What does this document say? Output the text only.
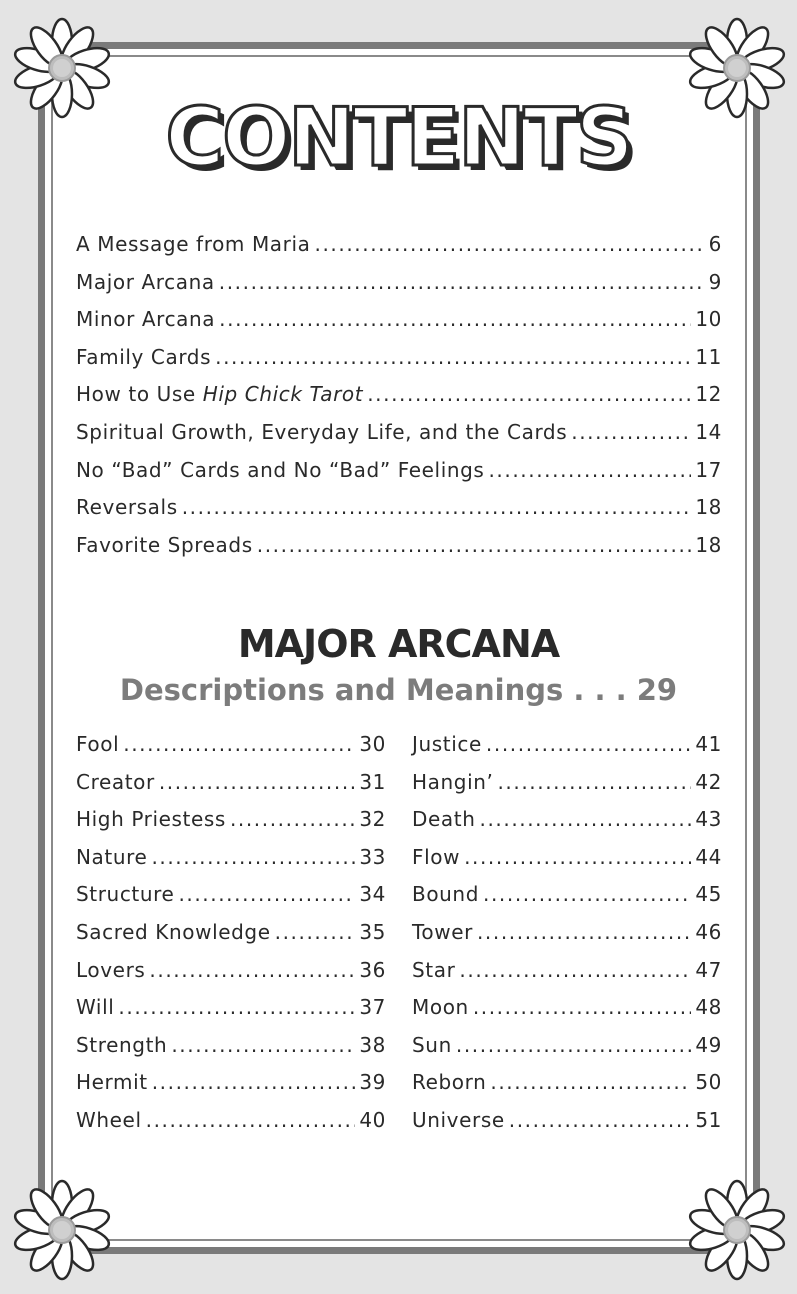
CONTENTS
A Message from Maria .....	6
Major Arcana .....	9
Minor Arcana .....	10
Family Cards .....	11
How to Use Hip Chick Tarot .....	12
Spiritual Growth, Everyday Life, and the Cards .....	14
No “Bad” Cards and No “Bad” Feelings .....	17
Reversals .....	18
Favorite Spreads .....	18
MAJOR ARCANA
Descriptions and Meanings . . . 29
Fool .....	30
Creator .....	31
High Priestess .....	32
Nature .....	33
Structure .....	34
Sacred Knowledge .....	35
Lovers .....	36
Will .....	37
Strength .....	38
Hermit .....	39
Wheel .....	40
Justice .....	41
Hangin’ .....	42
Death .....	43
Flow .....	44
Bound .....	45
Tower .....	46
Star .....	47
Moon .....	48
Sun .....	49
Reborn .....	50
Universe .....	51
